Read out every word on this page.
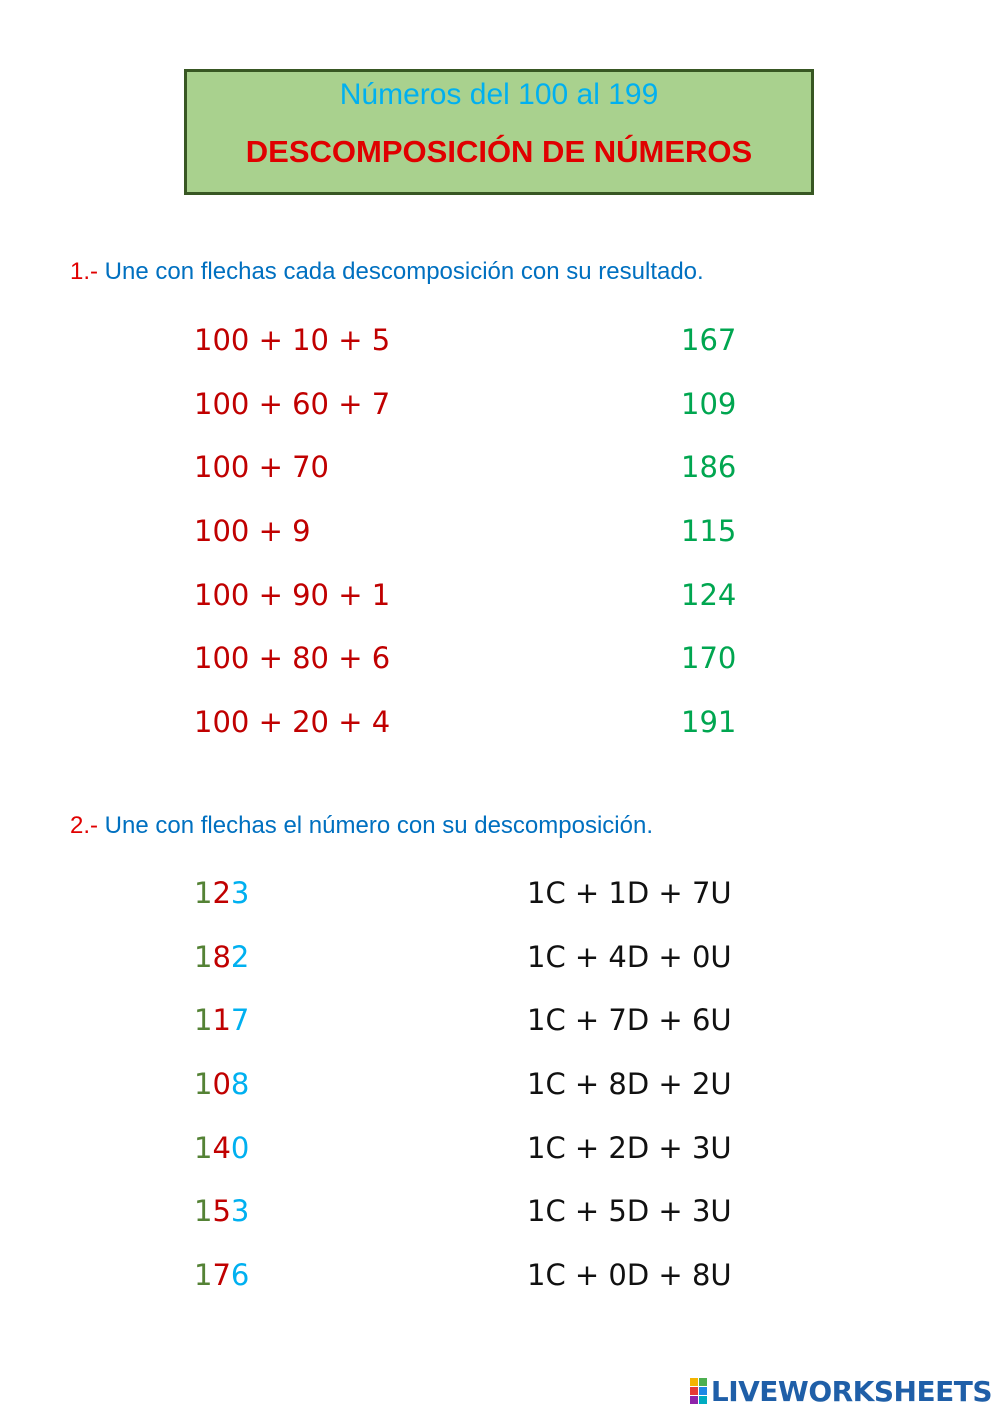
Números del 100 al 199
DESCOMPOSICIÓN DE NÚMEROS
1.- Une con flechas cada descomposición con su resultado.
100 + 10 + 5
100 + 60 + 7
100 + 70
100 + 9
100 + 90 + 1
100 + 80 + 6
100 + 20 + 4
167
109
186
115
124
170
191
2.- Une con flechas el número con su descomposición.
123
182
117
108
140
153
176
1C + 1D + 7U
1C + 4D + 0U
1C + 7D + 6U
1C + 8D + 2U
1C + 2D + 3U
1C + 5D + 3U
1C + 0D + 8U
LIVEWORKSHEETS
